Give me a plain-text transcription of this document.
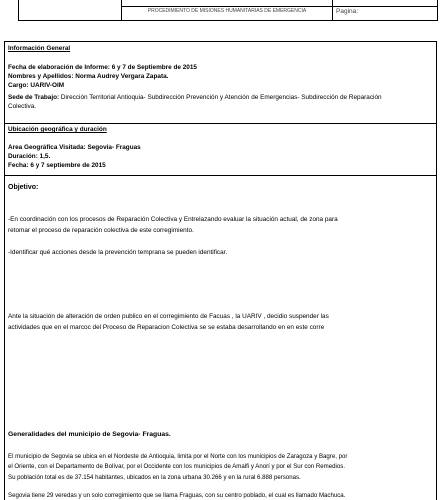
PROCEDIMIENTO DE MISIONES HUMANITARIAS DE EMERGENCIA	Pagina:
Información General
Fecha de elaboración de Informe: 6 y 7 de Septiembre de 2015
Nombres y Apellidos: Norma Audrey Vergara Zapata.
Cargo: UARIV-OIM
Sede de Trabajo: Dirección Territorial Antioquia- Subdirección Prevención y Atención de Emergencias- Subdirección de Reparación
Colectiva.
Ubicación geográfica y duración
Area Geográfica Visitada: Segovia- Fraguas
Duración: 1,5.
Fecha: 6 y 7 septiembre de 2015
Objetivo:
-En coordinación con los procesos de Reparación Colectiva y Entrelazando evaluar la situación actual, de zona para
retomar el proceso de reparación colectiva de este corregimiento.
-Identificar qué acciones desde la prevención temprana se pueden identificar.
Ante la situación de alteración de orden publico en el corregimiento de Facuas , la UARIV , decidio suspender las
actividades que en el marcoc del Proceso de Reparacion Colectiva se se estaba desarrollando en en este corre
Generalidades del municipio de Segovia- Fraguas.
El municipio de Segovia se ubica en el Nordeste de Antioquia, limita por el Norte con los municipios de Zaragoza y Bagre, por
el Oriente, con el Departamento de Bolívar, por el Occidente con los municipios de Amalfi y Anorí y por el Sur con Remedios.
Su población total es de 37.154 habitantes, ubicados en la zona urbana 30.266 y en la rural 6.888 personas.
Segovia tiene 29 veredas y un solo corregimiento que se llama Fraguas, con su centro poblado, el cual es llamado Machuca.
